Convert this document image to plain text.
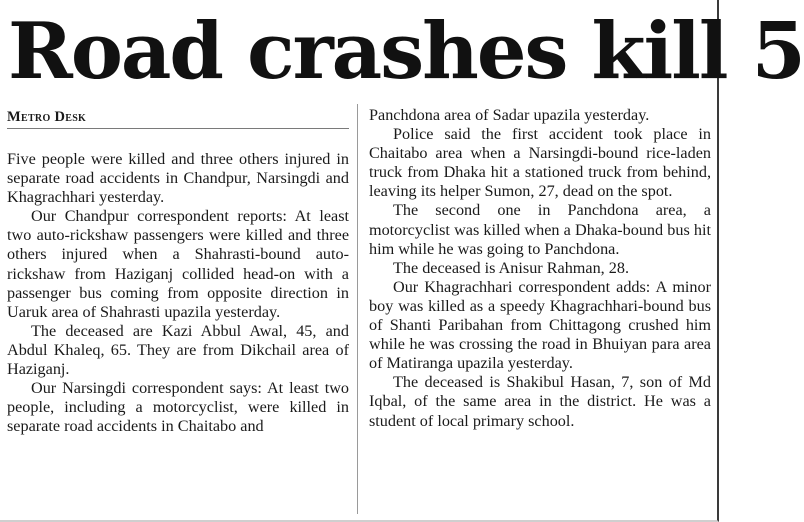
Road crashes kill 5
Metro Desk

Five people were killed and three others injured in separate road accidents in Chandpur, Narsingdi and Khagrachhari yesterday.

Our Chandpur correspondent reports: At least two auto-rickshaw passengers were killed and three others injured when a Shahrasti-bound auto-rickshaw from Haziganj collided head-on with a passenger bus coming from opposite direction in Uaruk area of Shahrasti upazila yesterday.

The deceased are Kazi Abbul Awal, 45, and Abdul Khaleq, 65. They are from Dikchail area of Haziganj.

Our Narsingdi correspondent says: At least two people, including a motorcyclist, were killed in separate road accidents in Chaitabo and

Panchdona area of Sadar upazila yesterday.

Police said the first accident took place in Chaitabo area when a Narsingdi-bound rice-laden truck from Dhaka hit a stationed truck from behind, leaving its helper Sumon, 27, dead on the spot.

The second one in Panchdona area, a motorcyclist was killed when a Dhaka-bound bus hit him while he was going to Panchdona.

The deceased is Anisur Rahman, 28.

Our Khagrachhari correspondent adds: A minor boy was killed as a speedy Khagrachhari-bound bus of Shanti Paribahan from Chittagong crushed him while he was crossing the road in Bhuiyan para area of Matiranga upazila yesterday.

The deceased is Shakibul Hasan, 7, son of Md Iqbal, of the same area in the district. He was a student of local primary school.
